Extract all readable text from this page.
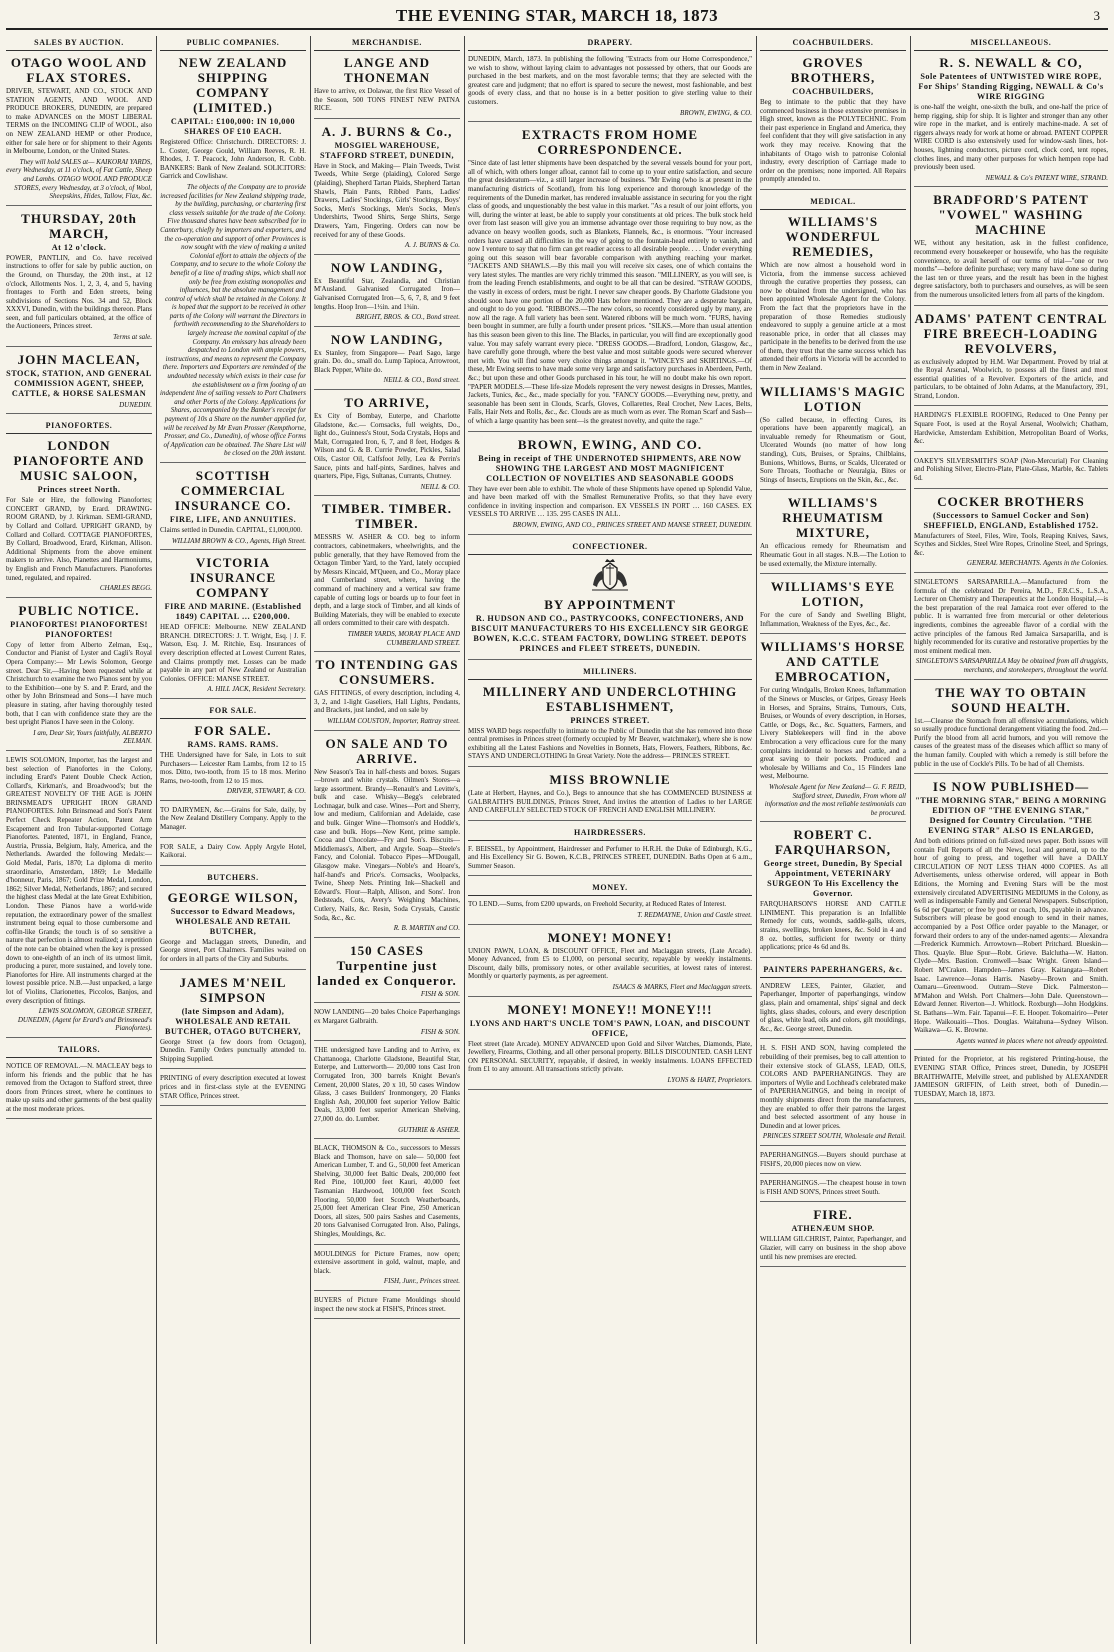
THE EVENING STAR, MARCH 18, 1873	3
SALES BY AUCTION.
OTAGO WOOL AND FLAX STORES.
DRIVER, STEWART, AND CO., STOCK AND STATION AGENTS, AND WOOL AND PRODUCE BROKERS, DUNEDIN, are prepared to make ADVANCES on the MOST LIBERAL TERMS on the INCOMING CLIP of WOOL, also on NEW ZEALAND HEMP or other Produce, either for sale here or for shipment to their Agents in Melbourne, London, or the United States.
They will hold SALES at— KAIKORAI YARDS, every Wednesday, at 11 o'clock, of Fat Cattle, Sheep and Lambs. OTAGO WOOL AND PRODUCE STORES, every Wednesday, at 3 o'clock, of Wool, Sheepskins, Hides, Tallow, Flax, &c.
THURSDAY, 20th MARCH,
At 12 o'clock.
POWER, PANTLIN, and Co. have received instructions to offer for sale by public auction, on the Ground, on Thursday, the 20th inst., at 12 o'clock, Allotments Nos. 1, 2, 3, 4, and 5, having frontages to Forth and Eden streets, being subdivisions of Sections Nos. 34 and 52, Block XXXVI, Dunedin, with the buildings thereon. Plans seen, and full particulars obtained, at the office of the Auctioneers, Princes street.
Terms at sale.
JOHN MACLEAN,
STOCK, STATION, AND GENERAL COMMISSION AGENT, SHEEP, CATTLE, & HORSE SALESMAN
DUNEDIN.
PIANOFORTES.
LONDON PIANOFORTE AND MUSIC SALOON,
Princes street North.
For Sale or Hire, the following Pianofortes; CONCERT GRAND, by Erard. DRAWING-ROOM GRAND, by J. Kirkman. SEMI-GRAND, by Collard and Collard. UPRIGHT GRAND, by Collard and Collard. COTTAGE PIANOFORTES, By Collard, Broadwood, Erard, Kirkman, Allison. Additional Shipments from the above eminent makers to arrive. Also, Pianettes and Harmoniums, by English and French Manufacturers. Pianofortes tuned, regulated, and repaired.
CHARLES BEGG.
PUBLIC NOTICE.
PIANOFORTES! PIANOFORTES! PIANOFORTES!
Copy of letter from Alberto Zelman, Esq., Conductor and Pianist of Lyster and Cagli's Royal Opera Company:— Mr Lewis Solomon, George street. Dear Sir,—Having been requested while at Christchurch to examine the two Pianos sent by you to the Exhibition—one by S. and P. Erard, and the other by John Brinsmead and Sons—I have much pleasure in stating, after having thoroughly tested both, that I can with confidence state they are the best upright Pianos I have seen in the Colony.
I am, Dear Sir, Yours faithfully, ALBERTO ZELMAN.
LEWIS SOLOMON, Importer, has the largest and best selection of Pianofortes in the Colony, including Erard's Patent Double Check Action, Collard's, Kirkman's, and Broadwood's; but the GREATEST NOVELTY OF THE AGE is JOHN BRINSMEAD'S UPRIGHT IRON GRAND PIANOFORTES. John Brinsmead and Son's Patent Perfect Check Repeater Action, Patent Arm Escapement and Iron Tubular-supported Cottage Pianofortes. Patented, 1871, in England, France, Austria, Prussia, Belgium, Italy, America, and the Netherlands. Awarded the following Medals:—Gold Medal, Paris, 1870; La diploma di merito straordinario, Amsterdam, 1869; Le Medaille d'honneur, Paris, 1867; Gold Prize Medal, London, 1862; Silver Medal, Netherlands, 1867; and secured the highest class Medal at the late Great Exhibition, London. These Pianos have a world-wide reputation, the extraordinary power of the smallest instrument being equal to those cumbersome and coffin-like Grands; the touch is of so sensitive a nature that perfection is almost realized; a repetition of the note can be obtained when the key is pressed down to one-eighth of an inch of its utmost limit, producing a purer, more sustained, and lovely tone. Pianofortes for Hire. All instruments charged at the lowest possible price. N.B.—Just unpacked, a large lot of Violins, Clarionettes, Piccolos, Banjos, and every description of fittings.
LEWIS SOLOMON, GEORGE STREET, DUNEDIN, (Agent for Erard's and Brinsmead's Pianofortes).
TAILORS.
NOTICE OF REMOVAL.—N. MACLEAY begs to inform his friends and the public that he has removed from the Octagon to Stafford street, three doors from Princes street, where he continues to make up suits and other garments of the best quality at the most moderate prices.
PUBLIC COMPANIES.
NEW ZEALAND SHIPPING COMPANY (LIMITED.)
CAPITAL: £100,000: IN 10,000 SHARES OF £10 EACH.
Registered Office: Christchurch. DIRECTORS: J. L. Coster, George Gould, William Reeves, R. H. Rhodes, J. T. Peacock, John Anderson, R. Cobb. BANKERS: Bank of New Zealand. SOLICITORS: Garrick and Cowlishaw.
The objects of the Company are to provide increased facilities for New Zealand shipping trade, by the building, purchasing, or chartering first class vessels suitable for the trade of the Colony. Five thousand shares have been subscribed for in Canterbury, chiefly by importers and exporters, and the co-operation and support of other Provinces is now sought with the view of making a united Colonial effort to attain the objects of the Company, and to secure to the whole Colony the benefit of a line of trading ships, which shall not only be free from existing monopolies and influences, but the absolute management and control of which shall be retained in the Colony. It is hoped that the support to be received in other parts of the Colony will warrant the Directors in forthwith recommending to the Shareholders to largely increase the nominal capital of the Company. An emissary has already been despatched to London with ample powers, instructions, and means to represent the Company there. Importers and Exporters are reminded of the undoubted necessity which exists in their case for the establishment on a firm footing of an independent line of sailing vessels to Port Chalmers and other Ports of the Colony. Applications for Shares, accompanied by the Banker's receipt for payment of 10s a Share on the number applied for, will be received by Mr Evan Prosser (Kempthorne, Prosser, and Co., Dunedin), of whose office Forms of Application can be obtained. The Share List will be closed on the 20th instant.
SCOTTISH COMMERCIAL INSURANCE CO.
FIRE, LIFE, AND ANNUITIES.
Claims settled in Dunedin. CAPITAL, £1,000,000.
WILLIAM BROWN & CO., Agents, High Street.
VICTORIA INSURANCE COMPANY
FIRE AND MARINE. (Established 1849) CAPITAL … £200,000.
HEAD OFFICE: Melbourne. NEW ZEALAND BRANCH. DIRECTORS: J. T. Wright, Esq. | J. F. Watson, Esq. J. M. Ritchie, Esq. Insurances of every description effected at Lowest Current Rates, and Claims promptly met. Losses can be made payable in any part of New Zealand or Australian Colonies. OFFICE: MANSE STREET.
A. HILL JACK, Resident Secretary.
FOR SALE.
FOR SALE.
RAMS. RAMS. RAMS.
THE Undersigned have for Sale, in Lots to suit Purchasers— Leicester Ram Lambs, from 12 to 15 mos. Ditto, two-tooth, from 15 to 18 mos. Merino Rams, two-tooth, from 12 to 15 mos.
DRIVER, STEWART, & CO.
TO DAIRYMEN, &c.—Grains for Sale, daily, by the New Zealand Distillery Company. Apply to the Manager.
FOR SALE, a Dairy Cow. Apply Argyle Hotel, Kaikorai.
BUTCHERS.
GEORGE WILSON,
Successor to Edward Meadows, WHOLESALE AND RETAIL BUTCHER,
George and Maclaggan streets, Dunedin, and George street, Port Chalmers. Families waited on for orders in all parts of the City and Suburbs.
JAMES M'NEIL SIMPSON
(late Simpson and Adam), WHOLESALE AND RETAIL BUTCHER, OTAGO BUTCHERY,
George Street (a few doors from Octagon), Dunedin. Family Orders punctually attended to. Shipping Supplied.
PRINTING of every description executed at lowest prices and in first-class style at the EVENING STAR Office, Princes street.
MERCHANDISE.
LANGE AND THONEMAN
Have to arrive, ex Dolawar, the first Rice Vessel of the Season, 500 TONS FINEST NEW PATNA RICE.
A. J. BURNS & Co.,
MOSGIEL WAREHOUSE, STAFFORD STREET, DUNEDIN,
Have in Stock, and Making— Plain Tweeds, Twist Tweeds, White Serge (plaiding), Colored Serge (plaiding), Shepherd Tartan Plaids, Shepherd Tartan Shawls, Plain Pants, Ribbed Pants, Ladies' Drawers, Ladies' Stockings, Girls' Stockings, Boys' Socks, Men's Stockings, Men's Socks, Men's Undershirts, Twood Shirts, Serge Shirts, Serge Drawers, Yarn, Fingering. Orders can now be received for any of these Goods.
A. J. BURNS & Co.
NOW LANDING,
Ex Beautiful Star, Zealandia, and Christian M'Ausland. Galvanised Corrugated Iron— Galvanised Corrugated Iron—5, 6, 7, 8, and 9 feet lengths. Hoop Iron—1½in. and 1¾in.
BRIGHT, BROS. & CO., Bond street.
NOW LANDING,
Ex Stanley, from Singapore— Pearl Sago, large grain. Do. do., small do. Lump Tapioca, Arrowroot, Black Pepper, White do.
NEILL & CO., Bond street.
TO ARRIVE,
Ex City of Bombay, Euterpe, and Charlotte Gladstone, &c.— Cornsacks, full weights, Do., light do., Guinness's Stout, Soda Crystals, Hops and Malt, Corrugated Iron, 6, 7, and 8 feet, Hodges & Wilson and G. & B. Currie Powder, Pickles, Salad Oils, Castor Oil, Calfsfoot Jelly, Lea & Perrin's Sauce, pints and half-pints, Sardines, halves and quarters, Pipe, Figs, Sultanas, Currants, Chutney.
NEILL & CO.
TIMBER. TIMBER. TIMBER.
MESSRS W. ASHER & CO. beg to inform contractors, cabinetmakers, wheelwrights, and the public generally, that they have Removed from the Octagon Timber Yard, to the Yard, lately occupied by Messrs Kincaid, M'Queen, and Co., Moray place and Cumberland street, where, having the command of machinery and a vertical saw frame capable of cutting logs or boards up to four feet in depth, and a large stock of Timber, and all kinds of Building Materials, they will be enabled to execute all orders committed to their care with despatch.
TIMBER YARDS, MORAY PLACE AND CUMBERLAND STREET.
TO INTENDING GAS CONSUMERS.
GAS FITTINGS, of every description, including 4, 3, 2, and 1-light Gaseliers, Hall Lights, Pendants, and Brackets, just landed, and on sale by
WILLIAM COUSTON, Importer, Rattray street.
ON SALE AND TO ARRIVE.
New Season's Tea in half-chests and boxes. Sugars—brown and white crystals. Oilmen's Stores—a large assortment. Brandy—Renault's and Levitte's, bulk and case. Whisky—Begg's celebrated Lochnagar, bulk and case. Wines—Port and Sherry, low and medium, Californian and Adelaide, case and bulk. Ginger Wine—Thomson's and Hoddle's, case and bulk. Hops—New Kent, prime sample. Cocoa and Chocolate—Fry and Son's. Biscuits—Middlemass's, Albert, and Argyle. Soap—Steele's Fancy, and Colonial. Tobacco Pipes—M'Dougall, Glasgow make. Vinegars—Noble's and Hoare's, half-hand's and Price's. Cornsacks, Woolpacks, Twine, Sheep Nets. Printing Ink—Shackell and Edward's. Flour—Ralph, Allison, and Sons'. Iron Bedsteads, Cots, Avery's Weighing Machines, Cutlery, Nails, &c. Resin, Soda Crystals, Caustic Soda, &c., &c.
R. B. MARTIN and CO.
150 CASES Turpentine just landed ex Conqueror.
FISH & SON.
NOW LANDING—20 bales Choice Paperhangings ex Margaret Galbraith.
FISH & SON.
THE undersigned have Landing and to Arrive, ex Chattanooga, Charlotte Gladstone, Beautiful Star, Euterpe, and Lutterworth— 20,000 tons Cast Iron Corrugated Iron, 300 barrels Knight Bevan's Cement, 20,000 Slates, 20 x 10, 50 cases Window Glass, 3 cases Builders' Ironmongery, 20 Flanks English Ash, 200,000 feet superior Yellow Baltic Deals, 33,000 feet superior American Shelving, 27,000 do. do. Lumber.
GUTHRIE & ASHER.
BLACK, THOMSON & Co., successors to Messrs Black and Thomson, have on sale— 50,000 feet American Lumber, T. and G., 50,000 feet American Shelving, 30,000 feet Baltic Deals, 200,000 feet Red Pine, 100,000 feet Kauri, 40,000 feet Tasmanian Hardwood, 100,000 feet Scotch Flooring, 50,000 feet Scotch Weatherboards, 25,000 feet American Clear Pine, 250 American Doors, all sizes, 500 pairs Sashes and Casements, 20 tons Galvanised Corrugated Iron. Also, Palings, Shingles, Mouldings, &c.
MOULDINGS for Picture Frames, now open; extensive assortment in gold, walnut, maple, and black.
FISH, Junr., Princes street.
BUYERS of Picture Frame Mouldings should inspect the new stock at FISH'S, Princes street.
DRAPERY.
DUNEDIN, March, 1873. In publishing the following "Extracts from our Home Correspondence," we wish to show, without laying claim to advantages not possessed by others, that our Goods are purchased in the best markets, and on the most favorable terms; that they are selected with the greatest care and judgment; that no effort is spared to secure the newest, most fashionable, and best goods of every class, and that no house is in a better position to give sterling value to their customers.
BROWN, EWING, & CO.
EXTRACTS FROM HOME CORRESPONDENCE.
"Since date of last letter shipments have been despatched by the several vessels bound for your port, all of which, with others longer afloat, cannot fail to come up to your entire satisfaction, and secure the great desideratum—viz., a still larger increase of business. "Mr Ewing (who is at present in the manufacturing districts of Scotland), from his long experience and thorough knowledge of the requirements of the Dunedin market, has rendered invaluable assistance in securing for you the right class of goods, and unquestionably the best value in this market. "As a result of our joint efforts, you will, during the winter at least, be able to supply your constituents at old prices. The bulk stock held over from last season will give you an immense advantage over those requiring to buy now, as the advance on heavy woollen goods, such as Blankets, Flannels, &c., is enormous. "Your increased orders have caused all difficulties in the way of going to the fountain-head entirely to vanish, and now I venture to say that no firm can get readier access to all desirable people. . . . Under everything going out this season will bear favorable comparison with anything reaching your market. "JACKETS AND SHAWLS.—By this mail you will receive six cases, one of which contains the very latest styles. The mantles are very richly trimmed this season. "MILLINERY, as you will see, is from the leading French establishments, and ought to be all that can be desired. "STRAW GOODS, the vastly in excess of orders, must be right. I never saw cheaper goods. By Charlotte Gladstone you should soon have one portion of the 20,000 Hats before mentioned. They are a desperate bargain, and ought to do you good. "RIBBONS.—The new colors, so recently considered ugly by many, are now all the rage. A full variety has been sent. Watered ribbons will be much worn. "FURS, having been bought in summer, are fully a fourth under present prices. "SILKS.—More than usual attention has this season been given to this line. The Blacks, in particular, you will find are exceptionally good value. You may safely warrant every piece. "DRESS GOODS.—Bradford, London, Glasgow, &c., have carefully gone through, where the best value and most suitable goods were secured wherever met with. You will find some very choice things amongst it. "WINCEYS and SKIRTINGS.—Of these, Mr Ewing seems to have made some very large and satisfactory purchases in Aberdeen, Perth, &c.; but upon these and other Goods purchased in his tour, he will no doubt make his own report. "PAPER MODELS.—These life-size Models represent the very newest designs in Dresses, Mantles, Jackets, Tunics, &c., &c., made specially for you. "FANCY GOODS.—Everything new, pretty, and seasonable has been sent in Clouds, Scarfs, Gloves, Collarettes, Real Crochet, New Laces, Belts, Falls, Hair Nets and Rolls, &c., &c. Clouds are as much worn as ever. The Roman Scarf and Sash—of which a large quantity has been sent—is the greatest novelty, and quite the rage."
BROWN, EWING, AND CO.
Being in receipt of THE UNDERNOTED SHIPMENTS, ARE NOW SHOWING THE LARGEST AND MOST MAGNIFICENT COLLECTION OF NOVELTIES AND SEASONABLE GOODS
They have ever been able to exhibit. The whole of these Shipments have opened up Splendid Value, and have been marked off with the Smallest Remunerative Profits, so that they have every confidence in inviting inspection and comparison. EX VESSELS IN PORT … 160 CASES. EX VESSELS TO ARRIVE … 135. 295 CASES IN ALL.
BROWN, EWING, AND CO., PRINCES STREET AND MANSE STREET, DUNEDIN.
CONFECTIONER.
BY APPOINTMENT
R. HUDSON AND CO., PASTRYCOOKS, CONFECTIONERS, AND BISCUIT MANUFACTURERS TO HIS EXCELLENCY SIR GEORGE BOWEN, K.C.C. STEAM FACTORY, DOWLING STREET. DEPOTS PRINCES and FLEET STREETS, DUNEDIN.
MILLINERS.
MILLINERY AND UNDERCLOTHING ESTABLISHMENT,
PRINCES STREET.
MISS WARD begs respectfully to intimate to the Public of Dunedin that she has removed into those central premises in Princes street (formerly occupied by Mr Beaver, watchmaker), where she is now exhibiting all the Latest Fashions and Novelties in Bonnets, Hats, Flowers, Feathers, Ribbons, &c. STAYS AND UNDERCLOTHING In Great Variety. Note the address— PRINCES STREET.
MISS BROWNLIE
(Late at Herbert, Haynes, and Co.), Begs to announce that she has COMMENCED BUSINESS at GALBRAITH'S BUILDINGS, Princes Street, And invites the attention of Ladies to her LARGE AND CAREFULLY SELECTED STOCK OF FRENCH AND ENGLISH MILLINERY.
HAIRDRESSERS.
F. BEISSEL, by Appointment, Hairdresser and Perfumer to H.R.H. the Duke of Edinburgh, K.G., and His Excellency Sir G. Bowen, K.C.B., PRINCES STREET, DUNEDIN. Baths Open at 6 a.m., Summer Season.
MONEY.
TO LEND.—Sums, from £200 upwards, on Freehold Security, at Reduced Rates of Interest.
T. REDMAYNE, Union and Castle street.
MONEY! MONEY!
UNION PAWN, LOAN, & DISCOUNT OFFICE, Fleet and Maclaggan streets, (Late Arcade). Money Advanced, from £5 to £1,000, on personal security, repayable by weekly instalments. Discount, daily bills, promissory notes, or other available securities, at lowest rates of interest. Monthly or quarterly payments, as per agreement.
ISAACS & MARKS, Fleet and Maclaggan streets.
MONEY! MONEY!! MONEY!!!
LYONS AND HART'S UNCLE TOM'S PAWN, LOAN, and DISCOUNT OFFICE,
Fleet street (late Arcade). MONEY ADVANCED upon Gold and Silver Watches, Diamonds, Plate, Jewellery, Firearms, Clothing, and all other personal property. BILLS DISCOUNTED. CASH LENT ON PERSONAL SECURITY, repayable, if desired, in weekly instalments. LOANS EFFECTED from £1 to any amount. All transactions strictly private.
LYONS & HART, Proprietors.
COACHBUILDERS.
GROVES BROTHERS,
COACHBUILDERS,
Beg to intimate to the public that they have commenced business in those extensive premises in High street, known as the POLYTECHNIC. From their past experience in England and America, they feel confident that they will give satisfaction in any work they may receive. Knowing that the inhabitants of Otago wish to patronise Colonial industry, every description of Carriage made to order on the premises; none imported. All Repairs promptly attended to.
MEDICAL.
WILLIAMS'S WONDERFUL REMEDIES,
Which are now almost a household word in Victoria, from the immense success achieved through the curative properties they possess, can now be obtained from the undersigned, who has been appointed Wholesale Agent for the Colony. From the fact that the proprietors have in the preparation of those Remedies studiously endeavored to supply a genuine article at a most reasonable price, in order that all classes may participate in the benefits to be derived from the use of them, they trust that the same success which has attended their efforts in Victoria will be accorded to them in New Zealand.
WILLIAMS'S MAGIC LOTION
(So called because, in effecting Cures, its operations have been apparently magical), an invaluable remedy for Rheumatism or Gout, Ulcerated Wounds (no matter of how long standing), Cuts, Bruises, or Sprains, Chilblains, Bunions, Whitlows, Burns, or Scalds, Ulcerated or Sore Throats, Toothache or Neuralgia, Bites or Stings of Insects, Eruptions on the Skin, &c., &c.
WILLIAMS'S RHEUMATISM MIXTURE,
An efficacious remedy for Rheumatism and Rheumatic Gout in all stages. N.B.—The Lotion to be used externally, the Mixture internally.
WILLIAMS'S EYE LOTION,
For the cure of Sandy and Swelling Blight, Inflammation, Weakness of the Eyes, &c., &c.
WILLIAMS'S HORSE AND CATTLE EMBROCATION,
For curing Windgalls, Broken Knees, Inflammation of the Sinews or Muscles, or Gripes, Greasy Heels in Horses, and Sprains, Strains, Tumours, Cuts, Bruises, or Wounds of every description, in Horses, Cattle, or Dogs, &c., &c. Squatters, Farmers, and Livery Stablekeepers will find in the above Embrocation a very efficacious cure for the many complaints incidental to horses and cattle, and a great saving to their pockets. Produced and wholesale by Williams and Co., 15 Flinders lane west, Melbourne.
Wholesale Agent for New Zealand— G. F. REID, Stafford street, Dunedin, From whom all information and the most reliable testimonials can be procured.
ROBERT C. FARQUHARSON,
George street, Dunedin, By Special Appointment, VETERINARY SURGEON To His Excellency the Governor.
FARQUHARSON'S HORSE AND CATTLE LINIMENT. This preparation is an Infallible Remedy for cuts, wounds, saddle-galls, ulcers, strains, swellings, broken knees, &c. Sold in 4 and 8 oz. bottles, sufficient for twenty or thirty applications; price 4s 6d and 8s.
PAINTERS PAPERHANGERS, &c.
ANDREW LEES, Painter, Glazier, and Paperhanger, Importer of paperhangings, window glass, plain and ornamental, ships' signal and deck lights, glass shades, colours, and every description of glass, white lead, oils and colors, gilt mouldings, &c., &c. George street, Dunedin.
H. S. FISH AND SON, having completed the rebuilding of their premises, beg to call attention to their extensive stock of GLASS, LEAD, OILS, COLORS AND PAPERHANGINGS. They are importers of Wylie and Lochhead's celebrated make of PAPERHANGINGS, and being in receipt of monthly shipments direct from the manufacturers, they are enabled to offer their patrons the largest and best selected assortment of any house in Dunedin and at lower prices.
PRINCES STREET SOUTH, Wholesale and Retail.
PAPERHANGINGS.—Buyers should purchase at FISH'S, 20,000 pieces now on view.
PAPERHANGINGS.—The cheapest house in town is FISH AND SON'S, Princes street South.
FIRE.
ATHENÆUM SHOP.
WILLIAM GILCHRIST, Painter, Paperhanger, and Glazier, will carry on business in the shop above until his new premises are erected.
MISCELLANEOUS.
R. S. NEWALL & CO,
Sole Patentees of UNTWISTED WIRE ROPE, For Ships' Standing Rigging, NEWALL & Co's WIRE RIGGING
is one-half the weight, one-sixth the bulk, and one-half the price of hemp rigging, ship for ship. It is lighter and stronger than any other wire rope in the market, and is entirely machine-made. A set of riggers always ready for work at home or abroad. PATENT COPPER WIRE CORD is also extensively used for window-sash lines, hot-houses, lightning conductors, picture cord, clock cord, tent ropes, clothes lines, and many other purposes for which hempen rope had previously been used.
NEWALL & Co's PATENT WIRE, STRAND.
BRADFORD'S PATENT "VOWEL" WASHING MACHINE
WE, without any hesitation, ask in the fullest confidence, recommend every housekeeper or housewife, who has the requisite convenience, to avail herself of our terms of trial—"one or two months"—before definite purchase; very many have done so during the last ten or three years, and the result has been in the highest degree satisfactory, both to purchasers and ourselves, as will be seen from the numerous unsolicited letters from all parts of the kingdom.
ADAMS' PATENT CENTRAL FIRE BREECH-LOADING REVOLVERS,
as exclusively adopted by H.M. War Department. Proved by trial at the Royal Arsenal, Woolwich, to possess all the finest and most essential qualities of a Revolver. Exporters of the article, and particulars, to be obtained of John Adams, at the Manufactory, 391, Strand, London.
HARDING'S FLEXIBLE ROOFING, Reduced to One Penny per Square Foot, is used at the Royal Arsenal, Woolwich; Chatham, Hardwicke, Amsterdam Exhibition, Metropolitan Board of Works, &c.
OAKEY'S SILVERSMITH'S SOAP (Non-Mercurial) For Cleaning and Polishing Silver, Electro-Plate, Plate-Glass, Marble, &c. Tablets 6d.
COCKER BROTHERS
(Successors to Samuel Cocker and Son) SHEFFIELD, ENGLAND, Established 1752.
Manufacturers of Steel, Files, Wire, Tools, Reaping Knives, Saws, Scythes and Sickles, Steel Wire Ropes, Crinoline Steel, and Springs, &c.
GENERAL MERCHANTS. Agents in the Colonies.
SINGLETON'S SARSAPARILLA.—Manufactured from the formula of the celebrated Dr Pereira, M.D., F.R.C.S., L.S.A., Lecturer on Chemistry and Therapeutics at the London Hospital,—is the best preparation of the real Jamaica root ever offered to the public. It is warranted free from mercurial or other deleterious ingredients, combines the agreeable flavor of a cordial with the active principles of the famous Red Jamaica Sarsaparilla, and is highly recommended for its curative and restorative properties by the most eminent medical men.
SINGLETON'S SARSAPARILLA May be obtained from all druggists, merchants, and storekeepers, throughout the world.
THE WAY TO OBTAIN SOUND HEALTH.
1st.—Cleanse the Stomach from all offensive accumulations, which so usually produce functional derangement vitiating the food. 2nd.—Purify the blood from all acrid humors, and you will remove the causes of the greatest mass of the diseases which afflict so many of the human family. Coupled with which a remedy is still before the public in the use of Cockle's Pills. To be had of all Chemists.
IS NOW PUBLISHED—
"THE MORNING STAR," BEING A MORNING EDITION OF "THE EVENING STAR," Designed for Country Circulation. "THE EVENING STAR" ALSO IS ENLARGED,
And both editions printed on full-sized news paper. Both issues will contain Full Reports of all the News, local and general, up to the hour of going to press, and together will have a DAILY CIRCULATION OF NOT LESS THAN 4000 COPIES. As all Advertisements, unless otherwise ordered, will appear in Both Editions, the Morning and Evening Stars will be the most extensively circulated ADVERTISING MEDIUMS in the Colony, as well as indispensable Family and General Newspapers. Subscription, 6s 6d per Quarter; or free by post or coach, 10s, payable in advance. Subscribers will please be good enough to send in their names, accompanied by a Post Office order payable to the Manager, or forward their orders to any of the under-named agents:— Alexandra—Frederick Kummich. Arrowtown—Robert Pritchard. Blueskin—Thos. Quayle. Blue Spur—Robt. Grieve. Balclutha—W. Hatton. Clyde—Mrs. Bastion. Cromwell—Isaac Wright. Green Island—Robert M'Craken. Hampden—James Gray. Kaitangata—Robert Isaac. Lawrence—Jonas Harris. Naseby—Brown and Smith. Oamaru—Greenwood. Outram—Steve Dick. Palmerston—M'Mahon and Welsh. Port Chalmers—John Dale. Queenstown—Edward Jenner. Riverton—J. Whitlock. Roxburgh—John Hodgkins. St. Bathans—Wm. Fair. Tapanui—F. E. Hooper. Tokomairiro—Peter Hope. Waikouaiti—Thos. Douglas. Waitahuna—Sydney Wilson. Waikawa—G. K. Browne.
Agents wanted in places where not already appointed.
Printed for the Proprietor, at his registered Printing-house, the EVENING STAR Office, Princes street, Dunedin, by JOSEPH BRAITHWAITE, Melville street, and published by ALEXANDER JAMIESON GRIFFIN, of Leith street, both of Dunedin.—TUESDAY, March 18, 1873.
